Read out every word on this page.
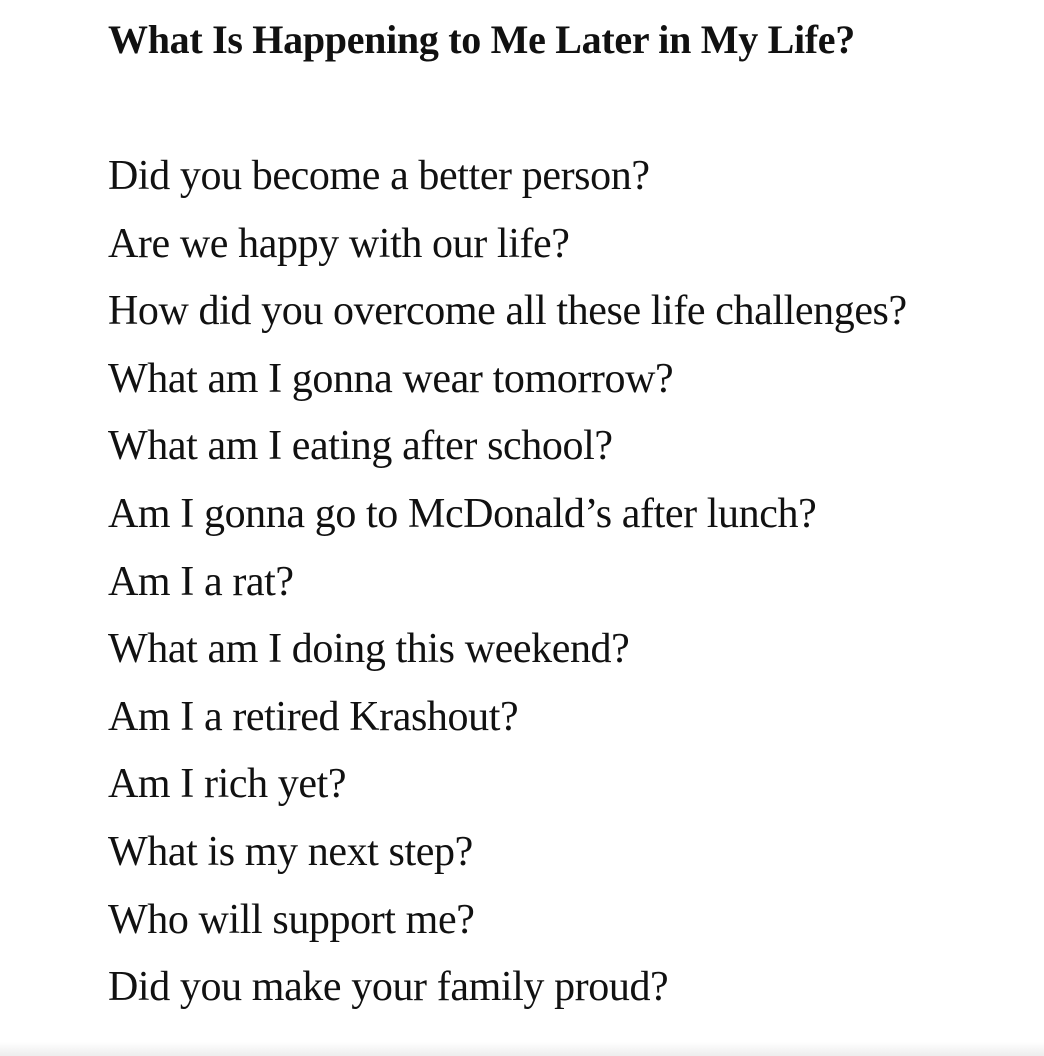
What Is Happening to Me Later in My Life?
Did you become a better person?
Are we happy with our life?
How did you overcome all these life challenges?
What am I gonna wear tomorrow?
What am I eating after school?
Am I gonna go to McDonald’s after lunch?
Am I a rat?
What am I doing this weekend?
Am I a retired Krashout?
Am I rich yet?
What is my next step?
Who will support me?
Did you make your family proud?
